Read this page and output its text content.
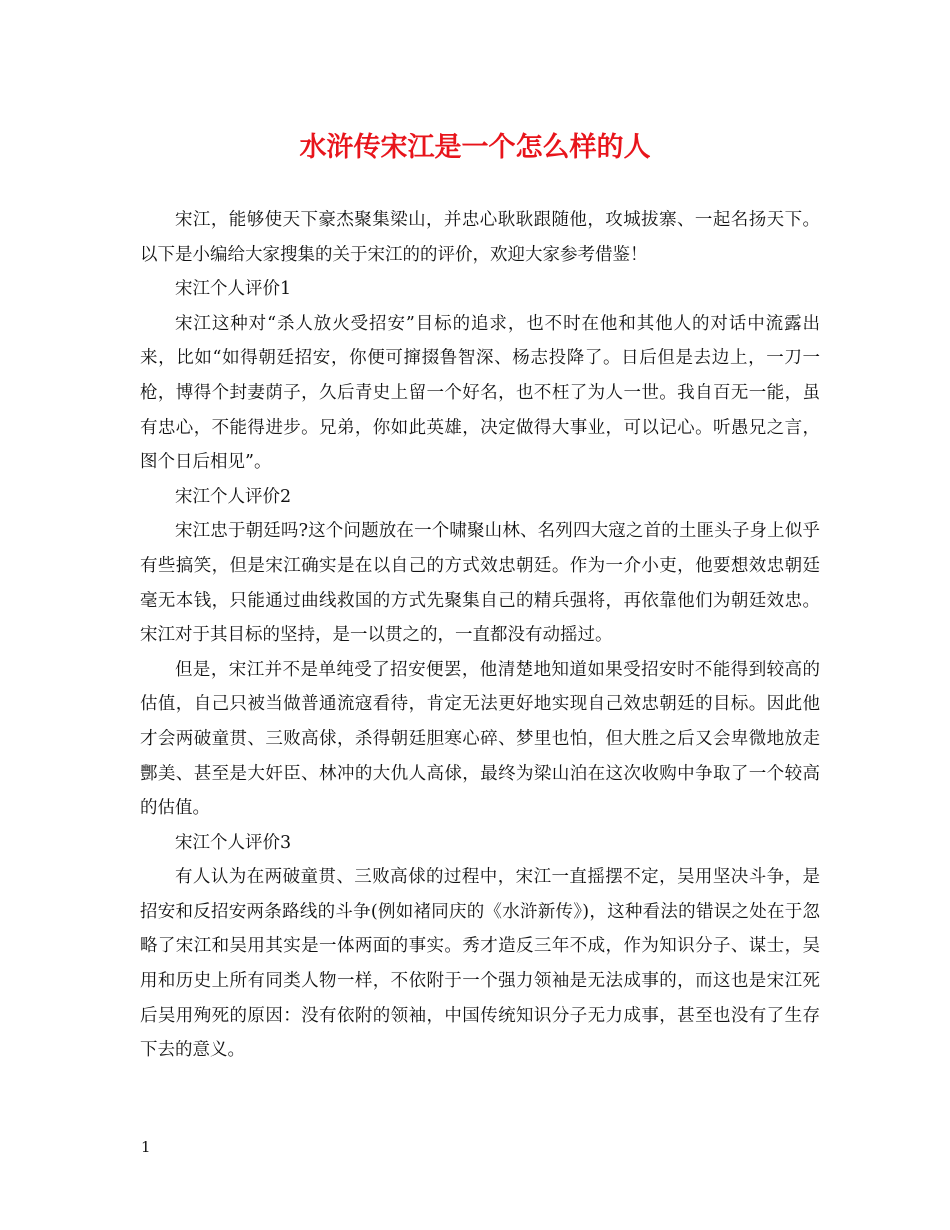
水浒传宋江是一个怎么样的人

宋江，能够使天下豪杰聚集梁山，并忠心耿耿跟随他，攻城拔寨、一起名扬天下。以下是小编给大家搜集的关于宋江的的评价，欢迎大家参考借鉴！

宋江个人评价1

宋江这种对“杀人放火受招安”目标的追求，也不时在他和其他人的对话中流露出来，比如“如得朝廷招安，你便可撺掇鲁智深、杨志投降了。日后但是去边上，一刀一枪，博得个封妻荫子，久后青史上留一个好名，也不枉了为人一世。我自百无一能，虽有忠心，不能得进步。兄弟，你如此英雄，决定做得大事业，可以记心。听愚兄之言，图个日后相见”。

宋江个人评价2

宋江忠于朝廷吗?这个问题放在一个啸聚山林、名列四大寇之首的土匪头子身上似乎有些搞笑，但是宋江确实是在以自己的方式效忠朝廷。作为一介小吏，他要想效忠朝廷毫无本钱，只能通过曲线救国的方式先聚集自己的精兵强将，再依靠他们为朝廷效忠。宋江对于其目标的坚持，是一以贯之的，一直都没有动摇过。

但是，宋江并不是单纯受了招安便罢，他清楚地知道如果受招安时不能得到较高的估值，自己只被当做普通流寇看待，肯定无法更好地实现自己效忠朝廷的目标。因此他才会两破童贯、三败高俅，杀得朝廷胆寒心碎、梦里也怕，但大胜之后又会卑微地放走酆美、甚至是大奸臣、林冲的大仇人高俅，最终为梁山泊在这次收购中争取了一个较高的估值。

宋江个人评价3

有人认为在两破童贯、三败高俅的过程中，宋江一直摇摆不定，吴用坚决斗争，是招安和反招安两条路线的斗争(例如褚同庆的《水浒新传》)，这种看法的错误之处在于忽略了宋江和吴用其实是一体两面的事实。秀才造反三年不成，作为知识分子、谋士，吴用和历史上所有同类人物一样，不依附于一个强力领袖是无法成事的，而这也是宋江死后吴用殉死的原因：没有依附的领袖，中国传统知识分子无力成事，甚至也没有了生存下去的意义。

1
